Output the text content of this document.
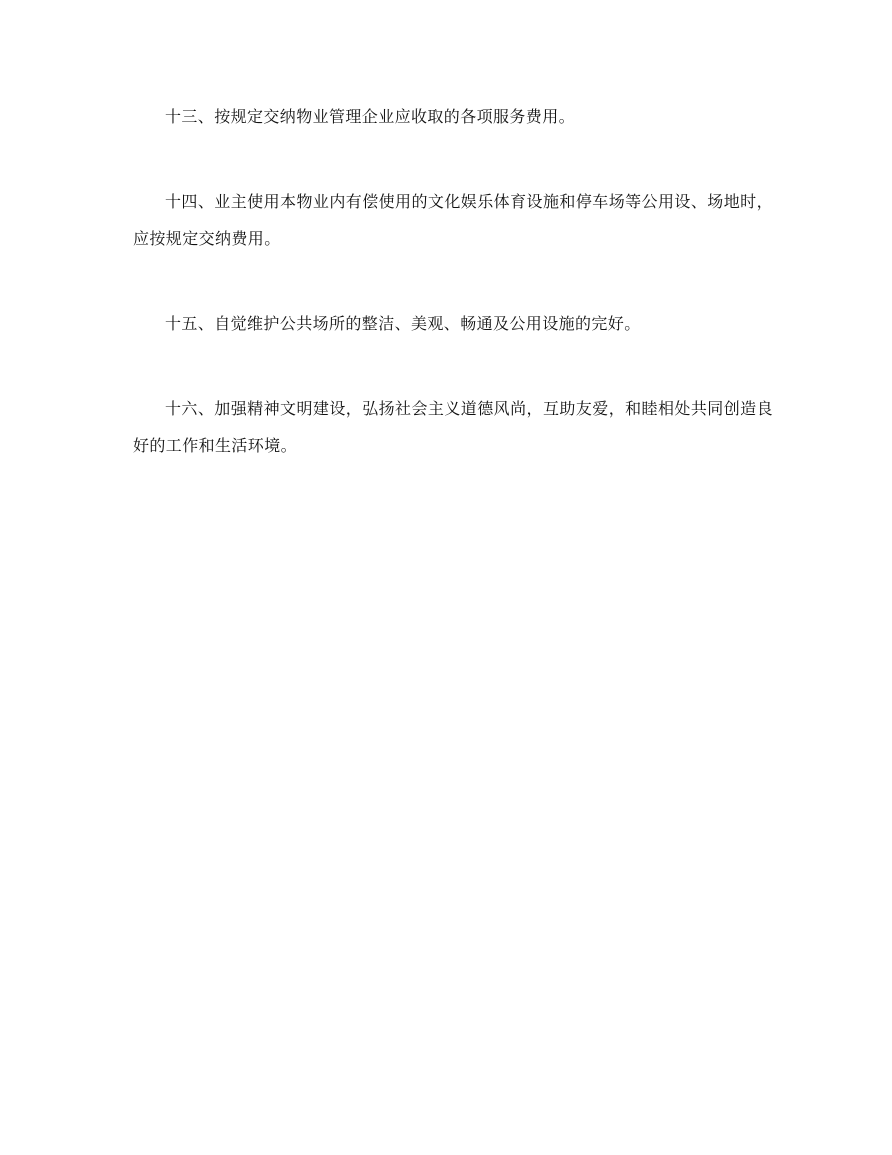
十三、按规定交纳物业管理企业应收取的各项服务费用。

十四、业主使用本物业内有偿使用的文化娱乐体育设施和停车场等公用设、场地时，应按规定交纳费用。

十五、自觉维护公共场所的整洁、美观、畅通及公用设施的完好。

十六、加强精神文明建设，弘扬社会主义道德风尚，互助友爱，和睦相处共同创造良好的工作和生活环境。
